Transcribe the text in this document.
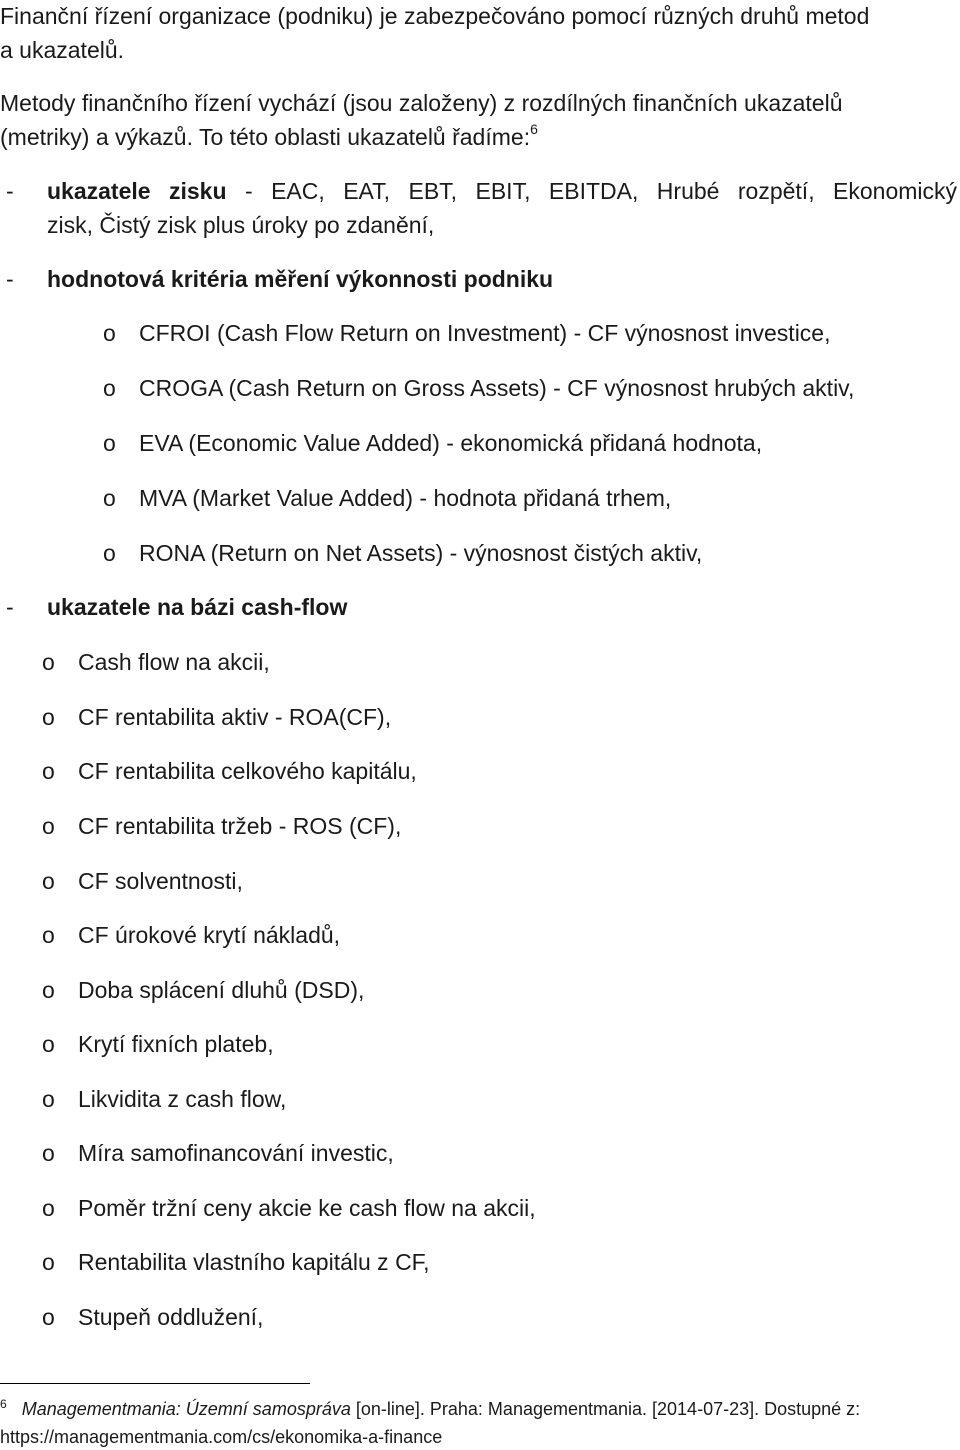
Finanční řízení organizace (podniku) je zabezpečováno pomocí různých druhů metod
a ukazatelů.
Metody finančního řízení vychází (jsou založeny) z rozdílných finančních ukazatelů
(metriky) a výkazů. To této oblasti ukazatelů řadíme:$^6$
- ukazatele zisku - EAC, EAT, EBT, EBIT, EBITDA, Hrubé rozpětí, Ekonomický
zisk, Čistý zisk plus úroky po zdanění,
- hodnotová kritéria měření výkonnosti podniku
o CFROI (Cash Flow Return on Investment) - CF výnosnost investice,
o CROGA (Cash Return on Gross Assets) - CF výnosnost hrubých aktiv,
o EVA (Economic Value Added) - ekonomická přidaná hodnota,
o MVA (Market Value Added) - hodnota přidaná trhem,
o RONA (Return on Net Assets) - výnosnost čistých aktiv,
- ukazatele na bázi cash-flow
o Cash flow na akcii,
o CF rentabilita aktiv - ROA(CF),
o CF rentabilita celkového kapitálu,
o CF rentabilita tržeb - ROS (CF),
o CF solventnosti,
o CF úrokové krytí nákladů,
o Doba splácení dluhů (DSD),
o Krytí fixních plateb,
o Likvidita z cash flow,
o Míra samofinancování investic,
o Poměr tržní ceny akcie ke cash flow na akcii,
o Rentabilita vlastního kapitálu z CF,
o Stupeň oddlužení,
$^6$ Managementmania: Územní samospráva [on-line]. Praha: Managementmania. [2014-07-23]. Dostupné z:
https://managementmania.com/cs/ekonomika-a-finance
